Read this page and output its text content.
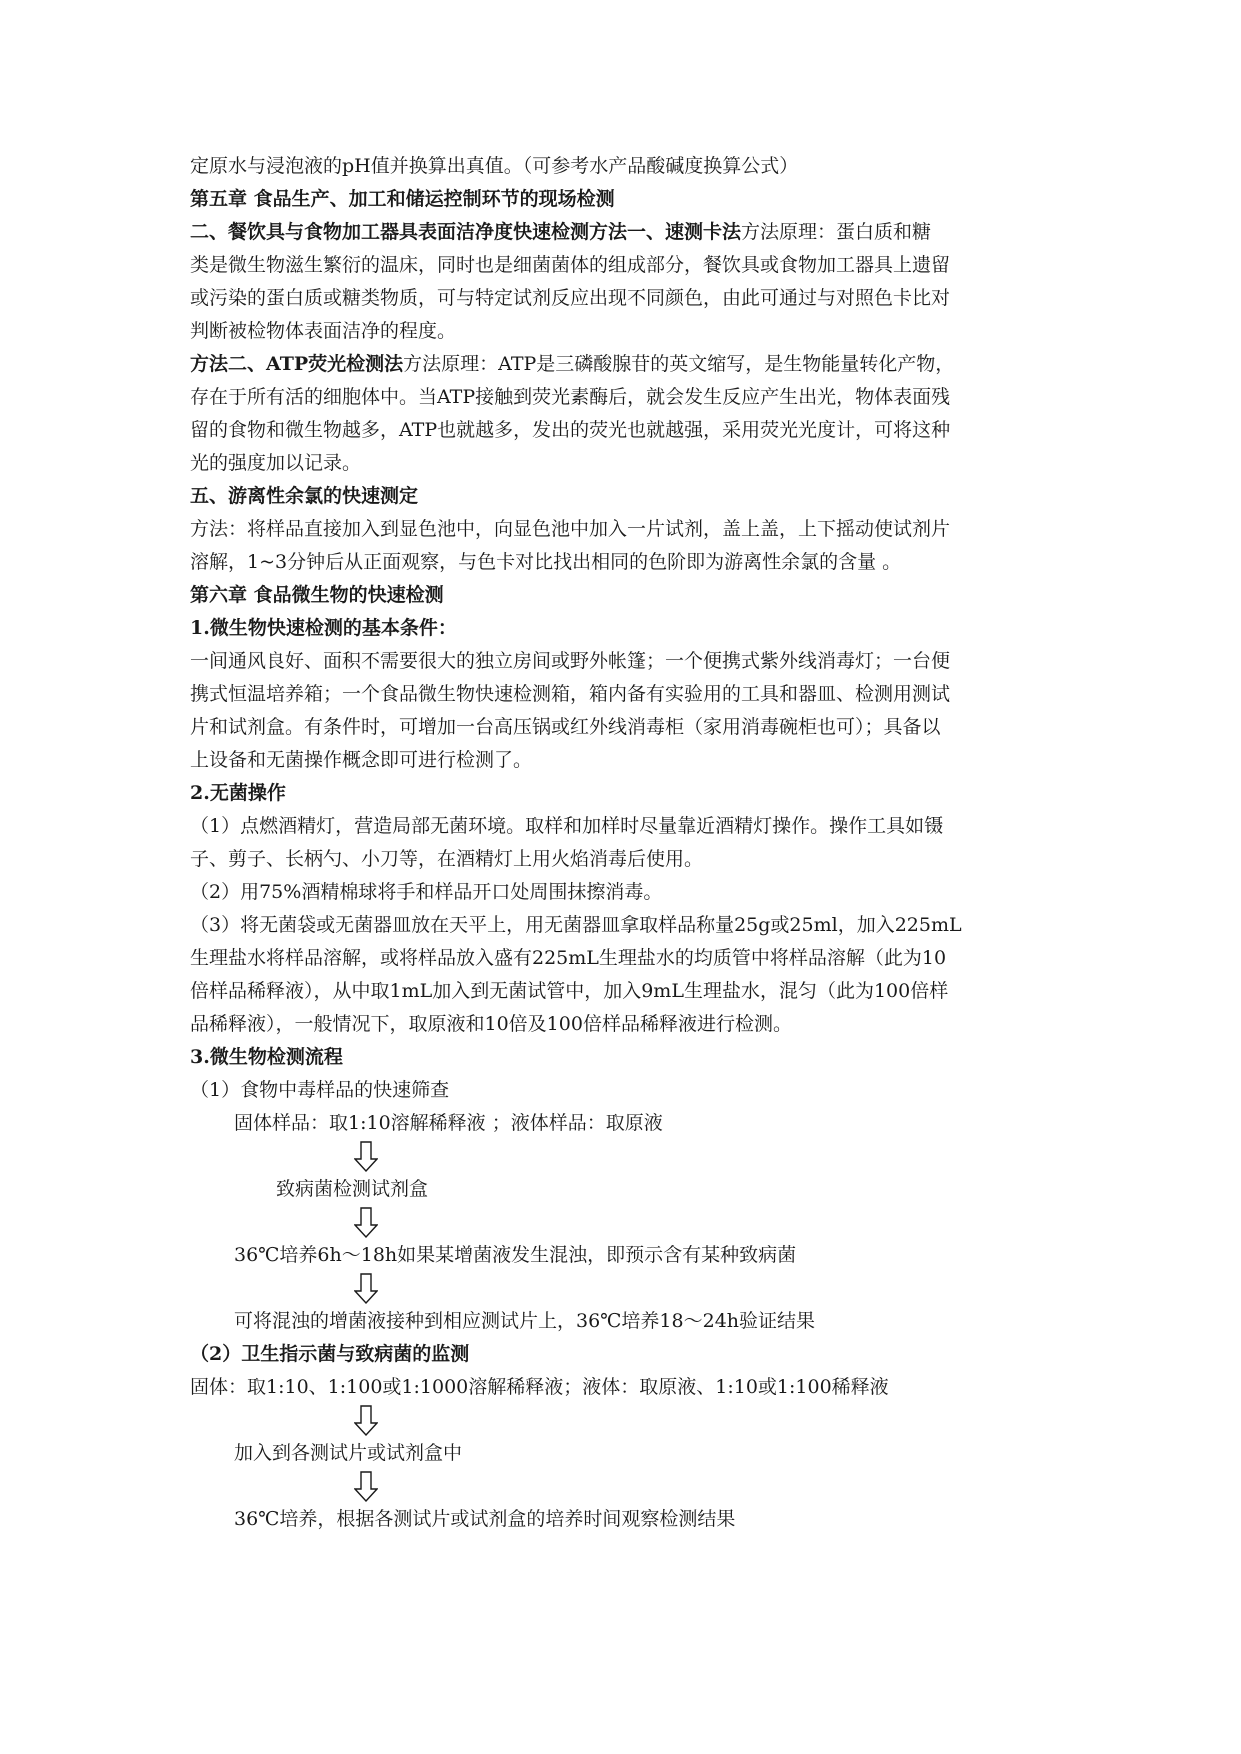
定原水与浸泡液的pH值并换算出真值。（可参考水产品酸碱度换算公式）
第五章 食品生产、加工和储运控制环节的现场检测
二、餐饮具与食物加工器具表面洁净度快速检测方法一、速测卡法方法原理：蛋白质和糖
类是微生物滋生繁衍的温床，同时也是细菌菌体的组成部分，餐饮具或食物加工器具上遗留
或污染的蛋白质或糖类物质，可与特定试剂反应出现不同颜色，由此可通过与对照色卡比对
判断被检物体表面洁净的程度。
方法二、ATP荧光检测法方法原理：ATP是三磷酸腺苷的英文缩写，是生物能量转化产物，
存在于所有活的细胞体中。当ATP接触到荧光素酶后，就会发生反应产生出光，物体表面残
留的食物和微生物越多，ATP也就越多，发出的荧光也就越强，采用荧光光度计，可将这种
光的强度加以记录。
五、游离性余氯的快速测定
方法：将样品直接加入到显色池中，向显色池中加入一片试剂，盖上盖，上下摇动使试剂片
溶解，1~3分钟后从正面观察，与色卡对比找出相同的色阶即为游离性余氯的含量 。
第六章 食品微生物的快速检测
1.微生物快速检测的基本条件：
一间通风良好、面积不需要很大的独立房间或野外帐篷；一个便携式紫外线消毒灯；一台便
携式恒温培养箱；一个食品微生物快速检测箱，箱内备有实验用的工具和器皿、检测用测试
片和试剂盒。有条件时，可增加一台高压锅或红外线消毒柜（家用消毒碗柜也可）；具备以
上设备和无菌操作概念即可进行检测了。
2.无菌操作
（1）点燃酒精灯，营造局部无菌环境。取样和加样时尽量靠近酒精灯操作。操作工具如镊
子、剪子、长柄勺、小刀等，在酒精灯上用火焰消毒后使用。
（2）用75%酒精棉球将手和样品开口处周围抹擦消毒。
（3）将无菌袋或无菌器皿放在天平上，用无菌器皿拿取样品称量25g或25ml，加入225mL
生理盐水将样品溶解，或将样品放入盛有225mL生理盐水的均质管中将样品溶解（此为10
倍样品稀释液），从中取1mL加入到无菌试管中，加入9mL生理盐水，混匀（此为100倍样
品稀释液），一般情况下，取原液和10倍及100倍样品稀释液进行检测。
3.微生物检测流程
（1）食物中毒样品的快速筛查
固体样品：取1:10溶解稀释液 ；液体样品：取原液
致病菌检测试剂盒
36℃培养6h～18h如果某增菌液发生混浊，即预示含有某种致病菌
可将混浊的增菌液接种到相应测试片上，36℃培养18～24h验证结果
（2）卫生指示菌与致病菌的监测
固体：取1:10、1:100或1:1000溶解稀释液；液体：取原液、1:10或1:100稀释液
加入到各测试片或试剂盒中
36℃培养，根据各测试片或试剂盒的培养时间观察检测结果
